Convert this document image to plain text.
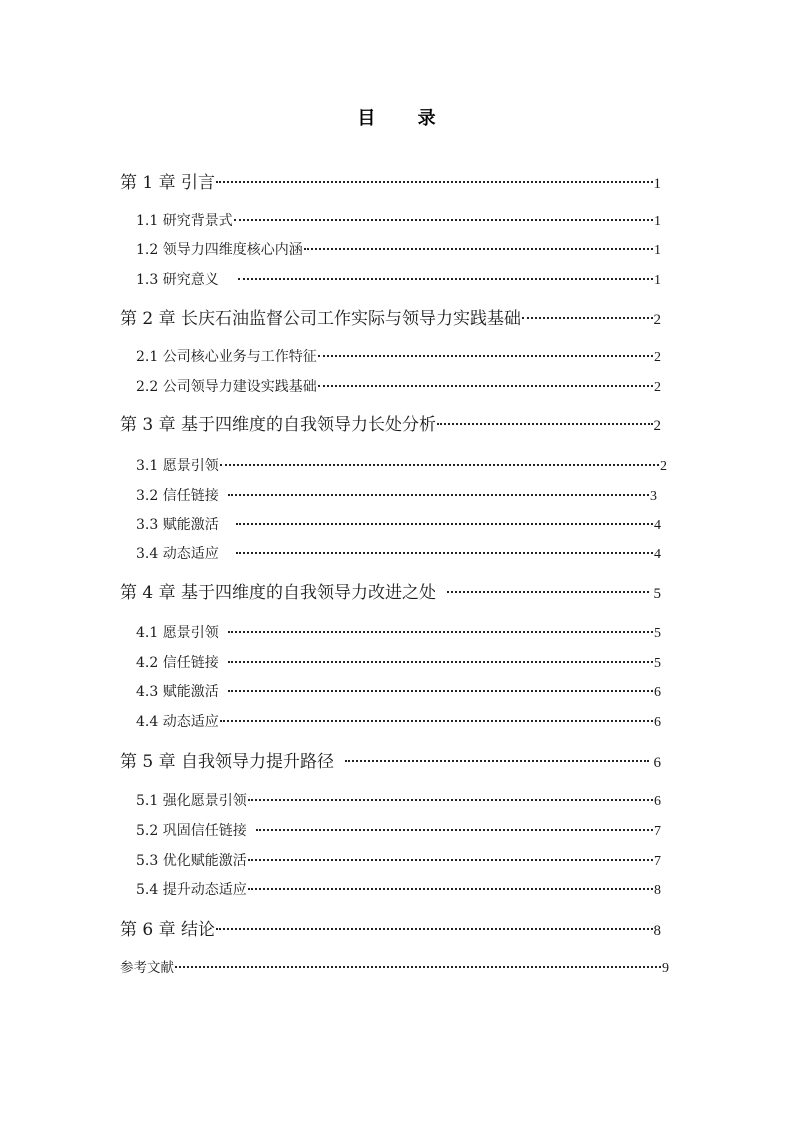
目 录
第 1 章 引言	1
1.1 研究背景式	1
1.2 领导力四维度核心内涵	1
1.3 研究意义	1
第 2 章 长庆石油监督公司工作实际与领导力实践基础	2
2.1 公司核心业务与工作特征	2
2.2 公司领导力建设实践基础	2
第 3 章 基于四维度的自我领导力长处分析	2
3.1 愿景引领	2
3.2 信任链接	3
3.3 赋能激活	4
3.4 动态适应	4
第 4 章 基于四维度的自我领导力改进之处	5
4.1 愿景引领	5
4.2 信任链接	5
4.3 赋能激活	6
4.4 动态适应	6
第 5 章 自我领导力提升路径	6
5.1 强化愿景引领	6
5.2 巩固信任链接	7
5.3 优化赋能激活	7
5.4 提升动态适应	8
第 6 章 结论	8
参考文献	9
